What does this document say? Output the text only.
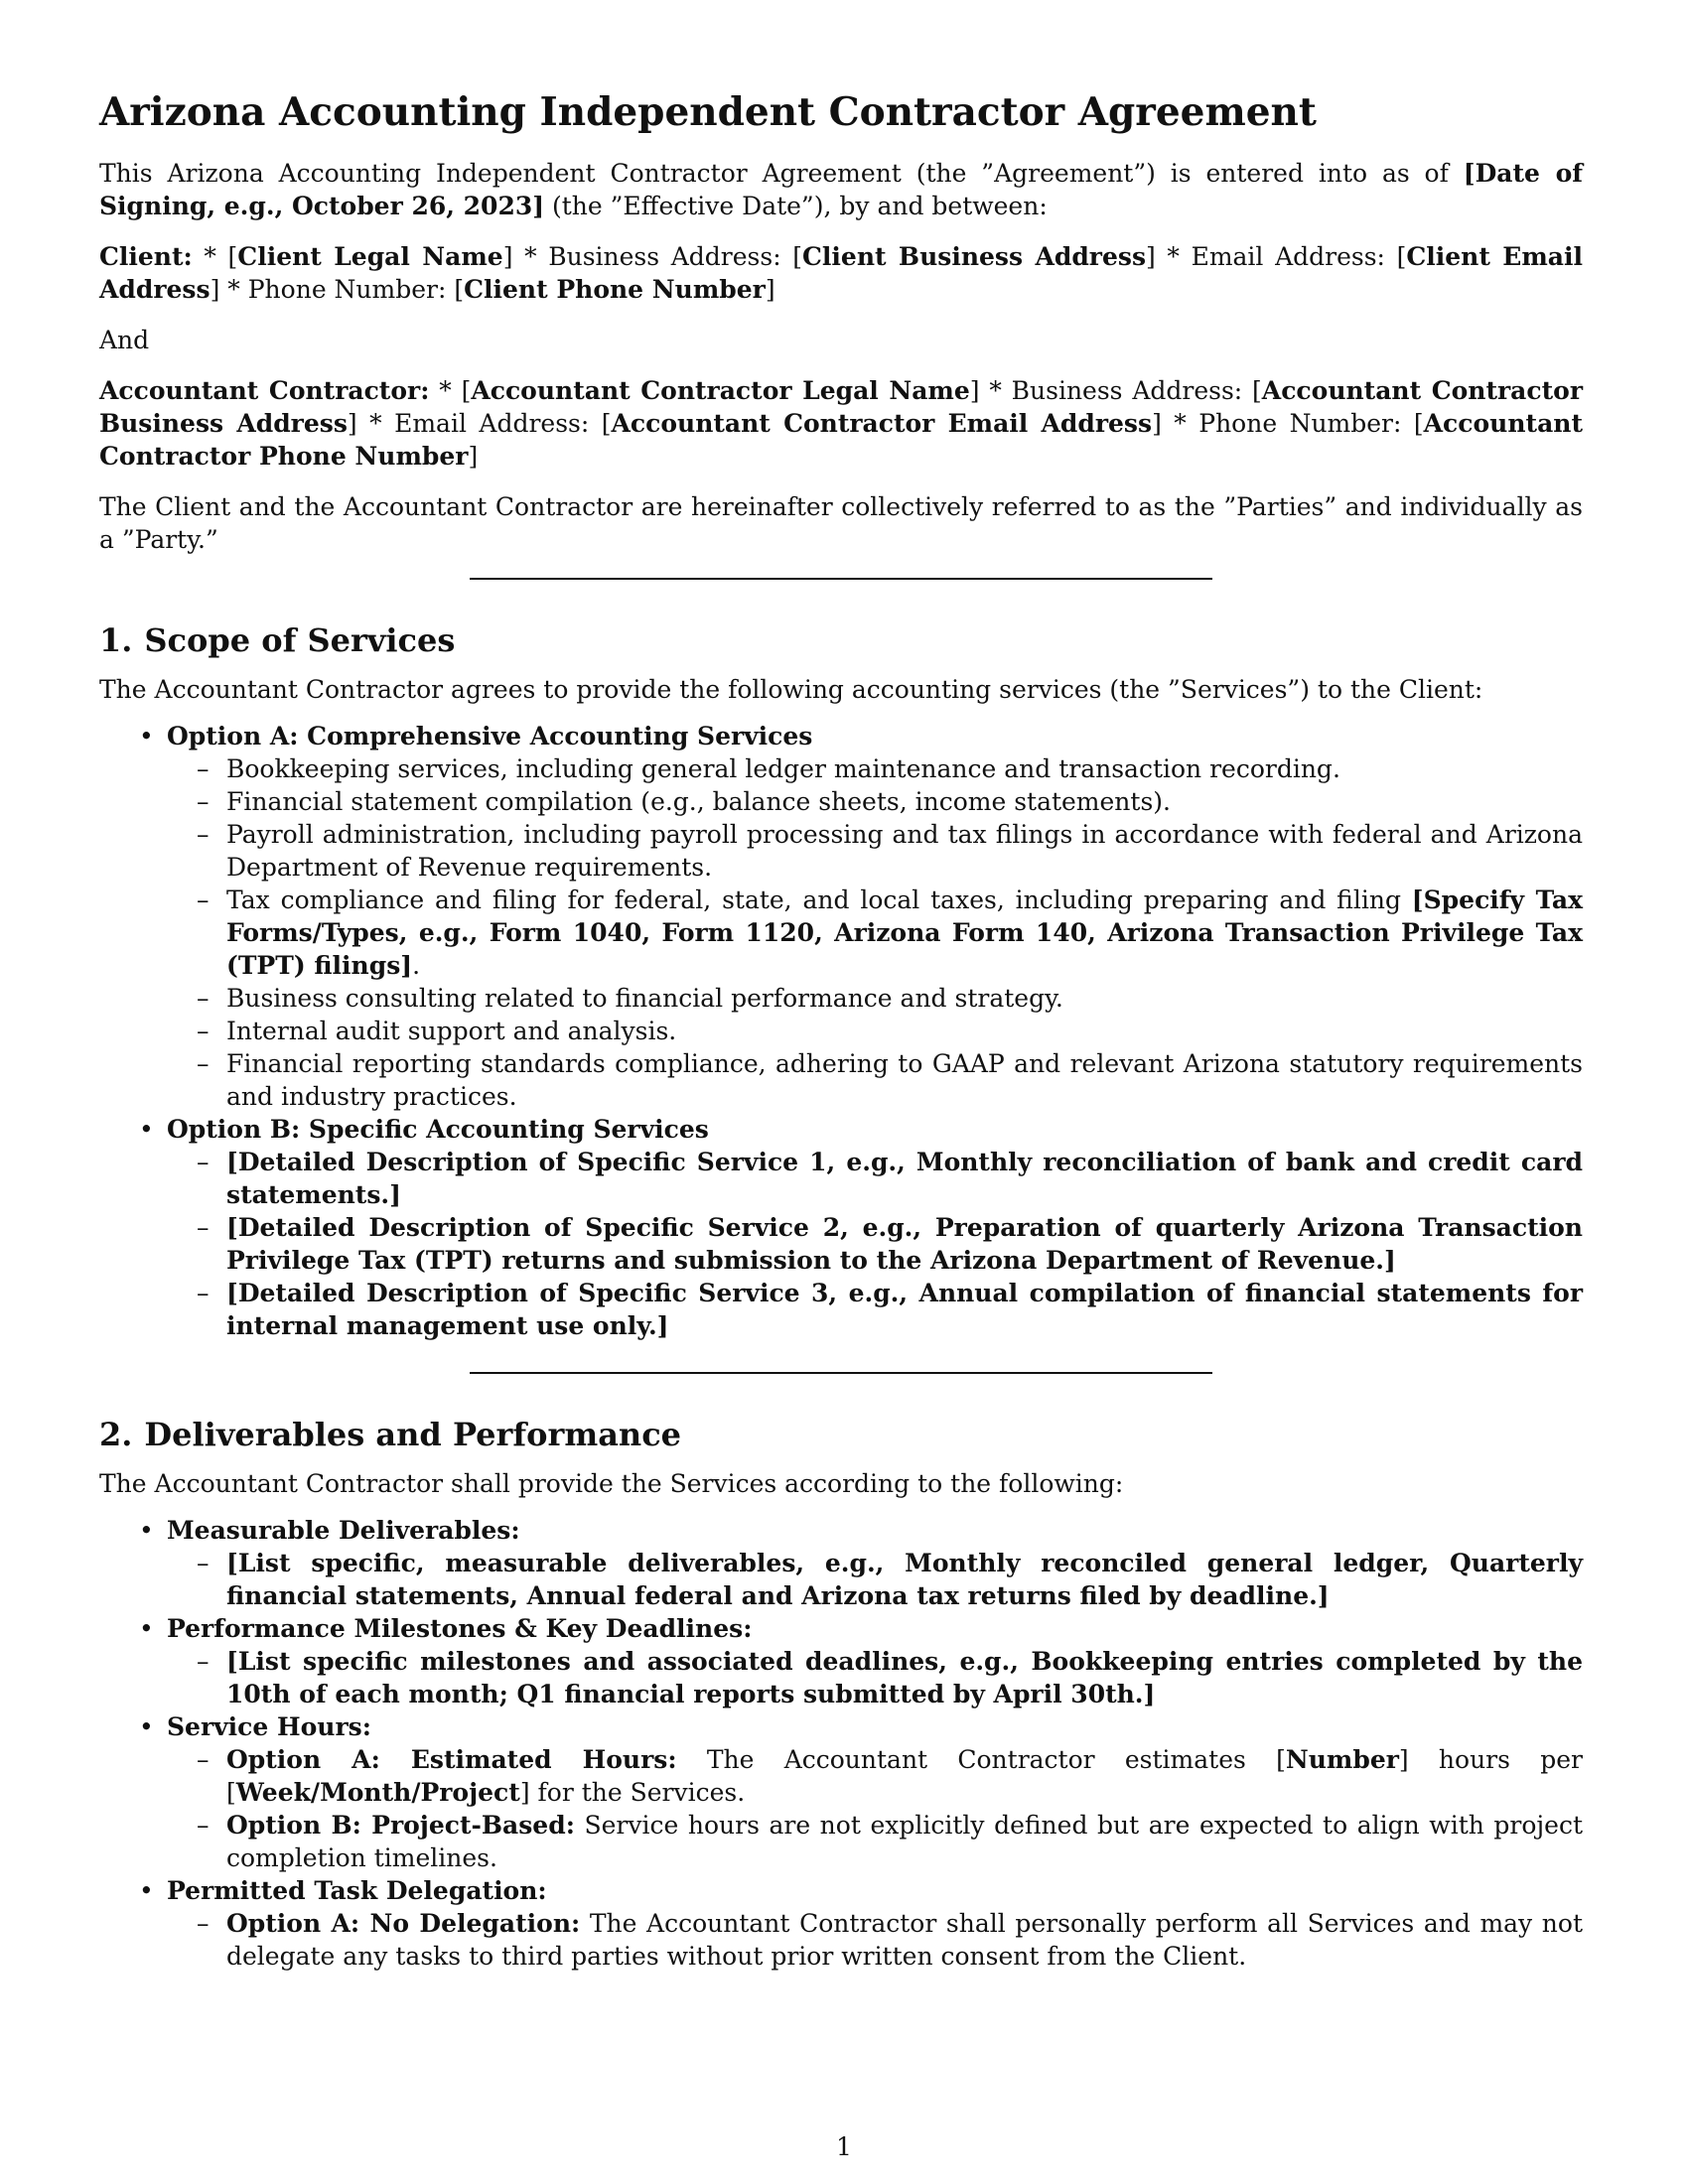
Arizona Accounting Independent Contractor Agreement

This Arizona Accounting Independent Contractor Agreement (the ”Agreement”) is entered into as of [Date of Signing, e.g., October 26, 2023] (the ”Effective Date”), by and between:

Client: * [Client Legal Name] * Business Address: [Client Business Address] * Email Address: [Client Email Address] * Phone Number: [Client Phone Number]

And

Accountant Contractor: * [Accountant Contractor Legal Name] * Business Address: [Accountant Contractor Business Address] * Email Address: [Accountant Contractor Email Address] * Phone Number: [Accountant Contractor Phone Number]

The Client and the Accountant Contractor are hereinafter collectively referred to as the ”Parties” and individually as a ”Party.”

1. Scope of Services

The Accountant Contractor agrees to provide the following accounting services (the ”Services”) to the Client:

• Option A: Comprehensive Accounting Services
– Bookkeeping services, including general ledger maintenance and transaction recording.
– Financial statement compilation (e.g., balance sheets, income statements).
– Payroll administration, including payroll processing and tax filings in accordance with federal and Arizona Department of Revenue requirements.
– Tax compliance and filing for federal, state, and local taxes, including preparing and filing [Specify Tax Forms/Types, e.g., Form 1040, Form 1120, Arizona Form 140, Arizona Transaction Privilege Tax (TPT) filings].
– Business consulting related to financial performance and strategy.
– Internal audit support and analysis.
– Financial reporting standards compliance, adhering to GAAP and relevant Arizona statutory requirements and industry practices.
• Option B: Specific Accounting Services
– [Detailed Description of Specific Service 1, e.g., Monthly reconciliation of bank and credit card statements.]
– [Detailed Description of Specific Service 2, e.g., Preparation of quarterly Arizona Transaction Privilege Tax (TPT) returns and submission to the Arizona Department of Revenue.]
– [Detailed Description of Specific Service 3, e.g., Annual compilation of financial statements for internal management use only.]
2. Deliverables and Performance

The Accountant Contractor shall provide the Services according to the following:

• Measurable Deliverables:
– [List specific, measurable deliverables, e.g., Monthly reconciled general ledger, Quarterly financial statements, Annual federal and Arizona tax returns filed by deadline.]
• Performance Milestones & Key Deadlines:
– [List specific milestones and associated deadlines, e.g., Bookkeeping entries completed by the 10th of each month; Q1 financial reports submitted by April 30th.]
• Service Hours:
– Option A: Estimated Hours: The Accountant Contractor estimates [Number] hours per [Week/Month/Project] for the Services.
– Option B: Project-Based: Service hours are not explicitly defined but are expected to align with project completion timelines.
• Permitted Task Delegation:
– Option A: No Delegation: The Accountant Contractor shall personally perform all Services and may not delegate any tasks to third parties without prior written consent from the Client.
1
